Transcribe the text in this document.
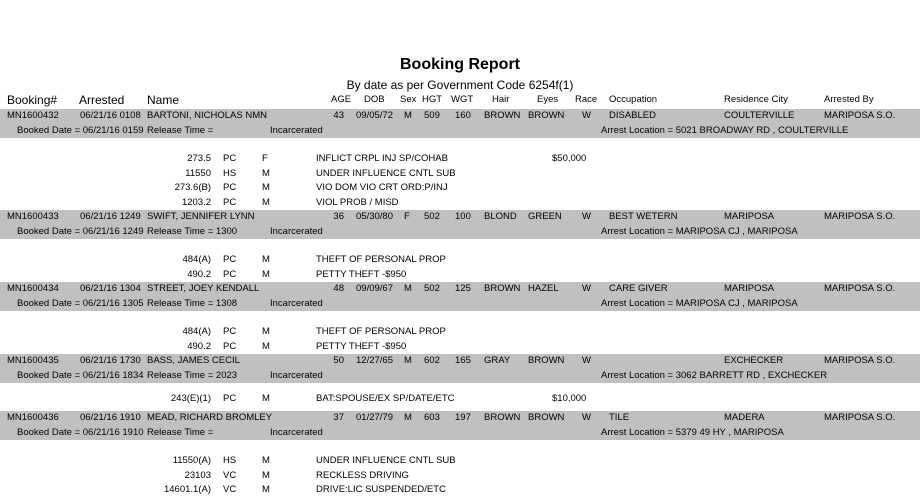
Booking Report
By date as per Government Code 6254f(1)
Booking# Arrested Name	AGE DOB Sex HGT WGT Hair	Eyes Race Occupation	Residence City	Arrested By
MN1600432 06/21/16 0108 BARTONI, NICHOLAS NMN	43 09/05/72 M 509 160 BROWN BROWN W DISABLED	COULTERVILLE	MARIPOSA S.O.
Booked Date = 06/21/16 0159 Release Time =	Incarcerated	Arrest Location = 5021 BROADWAY RD , COULTERVILLE
273.5 PC	F	INFLICT CRPL INJ SP/COHAB	$50,000
11550 HS	M	UNDER INFLUENCE CNTL SUB
273.6(B) PC	M	VIO DOM VIO CRT ORD:P/INJ
1203.2 PC	M	VIOL PROB / MISD
MN1600433 06/21/16 1249 SWIFT, JENNIFER LYNN	36 05/30/80 F 502 100 BLOND GREEN W BEST WETERN	MARIPOSA	MARIPOSA S.O.
Booked Date = 06/21/16 1249 Release Time = 1300	Incarcerated	Arrest Location = MARIPOSA CJ , MARIPOSA
484(A) PC	M	THEFT OF PERSONAL PROP
490.2 PC	M	PETTY THEFT -$950
MN1600434 06/21/16 1304 STREET, JOEY KENDALL	48 09/09/67 M 502 125 BROWN HAZEL W CARE GIVER	MARIPOSA	MARIPOSA S.O.
Booked Date = 06/21/16 1305 Release Time = 1308	Incarcerated	Arrest Location = MARIPOSA CJ , MARIPOSA
484(A) PC	M	THEFT OF PERSONAL PROP
490.2 PC	M	PETTY THEFT -$950
MN1600435 06/21/16 1730 BASS, JAMES CECIL	50 12/27/65 M 602 165 GRAY BROWN W	EXCHECKER	MARIPOSA S.O.
Booked Date = 06/21/16 1834 Release Time = 2023	Incarcerated	Arrest Location = 3062 BARRETT RD , EXCHECKER
243(E)(1) PC	M	BAT:SPOUSE/EX SP/DATE/ETC	$10,000
MN1600436 06/21/16 1910 MEAD, RICHARD BROMLEY	37 01/27/79 M 603 197 BROWN BROWN W TILE	MADERA	MARIPOSA S.O.
Booked Date = 06/21/16 1910 Release Time =	Incarcerated	Arrest Location = 5379 49 HY , MARIPOSA
11550(A) HS	M	UNDER INFLUENCE CNTL SUB
23103 VC	M	RECKLESS DRIVING
14601.1(A) VC	M	DRIVE:LIC SUSPENDED/ETC
